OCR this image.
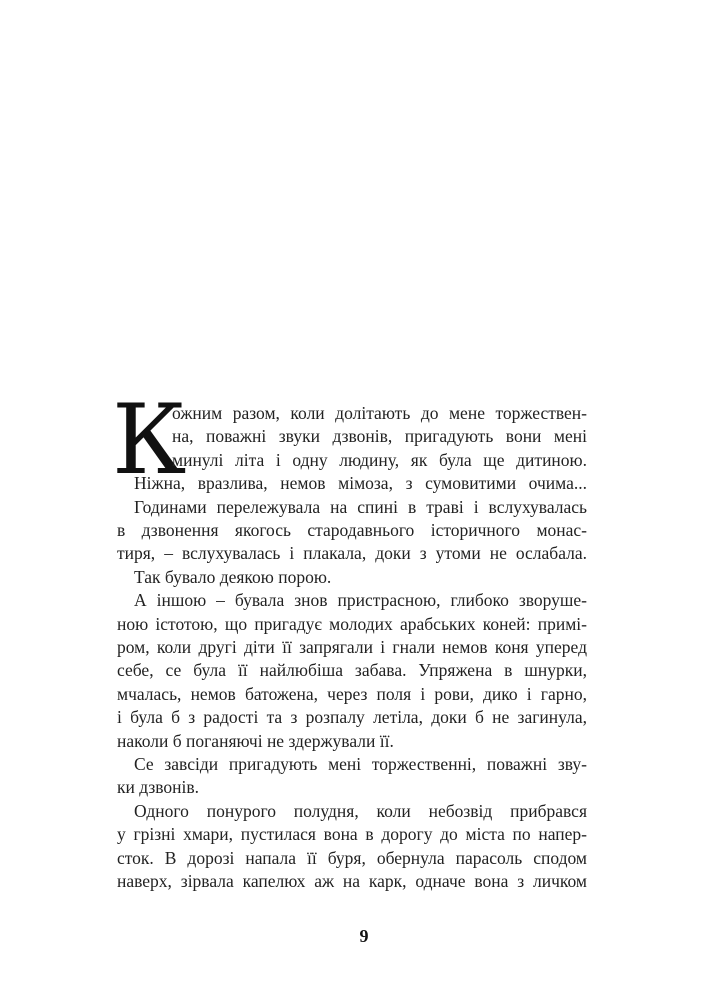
К
ожним разом, коли долітають до мене торжествен-
на, поважні звуки дзвонів, пригадують вони мені
минулі літа і одну людину, як була ще дитиною.
Ніжна, вразлива, немов мімоза, з сумовитими очима...
Годинами перележувала на спині в траві і вслухувалась
в дзвонення якогось стародавнього історичного монас-
тиря, – вслухувалась і плакала, доки з утоми не ослабала.
Так бувало деякою порою.
А іншою – бувала знов пристрасною, глибоко зворуше-
ною істотою, що пригадує молодих арабських коней: примі-
ром, коли другі діти її запрягали і гнали немов коня уперед
себе, се була її найлюбіша забава. Упряжена в шнурки,
мчалась, немов батожена, через поля і рови, дико і гарно,
і була б з радості та з розпалу летіла, доки б не загинула,
наколи б поганяючі не здержували її.
Се завсіди пригадують мені торжественні, поважні зву-
ки дзвонів.
Одного понурого полудня, коли небозвід прибрався
у грізні хмари, пустилася вона в дорогу до міста по напер-
сток. В дорозі напала її буря, обернула парасоль сподом
наверх, зірвала капелюх аж на карк, одначе вона з личком
9
